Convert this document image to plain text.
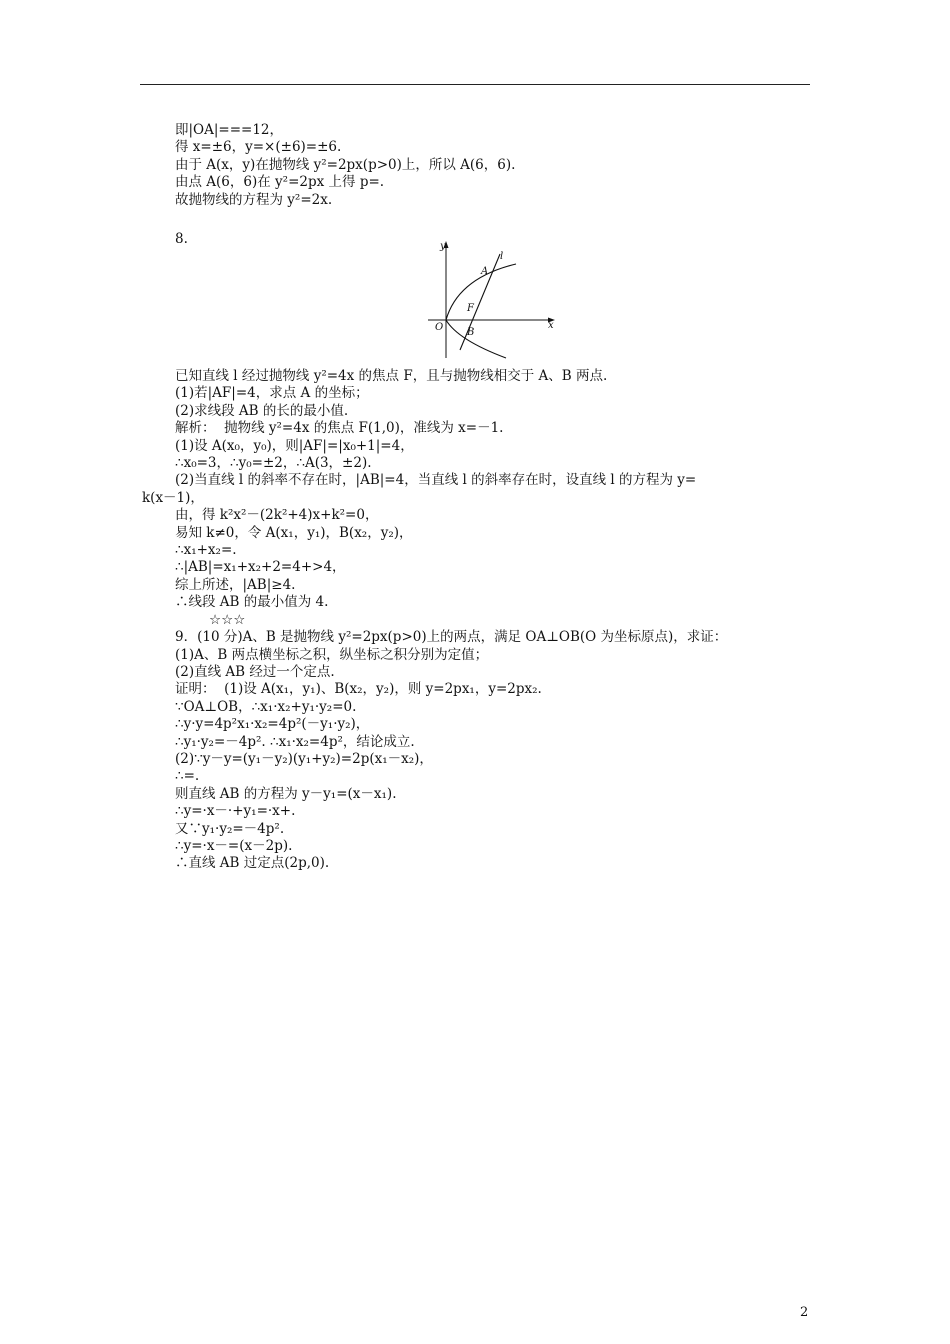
即|OA|===12，
得 x=±6，y=×(±6)=±6.
由于 A(x，y)在抛物线 y²=2px(p>0)上，所以 A(6，6).
由点 A(6，6)在 y²=2px 上得 p=.
故抛物线的方程为 y²=2x.
8.	y
x
O
l
A
F
B
已知直线 l 经过抛物线 y²=4x 的焦点 F，且与抛物线相交于 A、B 两点.
(1)若|AF|=4，求点 A 的坐标；
(2)求线段 AB 的长的最小值.
解析：  抛物线 y²=4x 的焦点 F(1,0)，准线为 x=－1.
(1)设 A(x₀，y₀)，则|AF|=|x₀+1|=4，
∴x₀=3，∴y₀=±2，∴A(3，±2).
(2)当直线 l 的斜率不存在时，|AB|=4，当直线 l 的斜率存在时，设直线 l 的方程为 y=
k(x－1)，
由，得 k²x²－(2k²+4)x+k²=0，
易知 k≠0，令 A(x₁，y₁)，B(x₂，y₂)，
∴x₁+x₂=.
∴|AB|=x₁+x₂+2=4+>4，
综上所述，|AB|≥4.
∴线段 AB 的最小值为 4.
☆☆☆
9．(10 分)A、B 是抛物线 y²=2px(p>0)上的两点，满足 OA⊥OB(O 为坐标原点)，求证：
(1)A、B 两点横坐标之积，纵坐标之积分别为定值；
(2)直线 AB 经过一个定点.
证明：  (1)设 A(x₁，y₁)、B(x₂，y₂)，则 y=2px₁，y=2px₂.
∵OA⊥OB，∴x₁·x₂+y₁·y₂=0.
∴y·y=4p²x₁·x₂=4p²(－y₁·y₂)，
∴y₁·y₂=－4p². ∴x₁·x₂=4p²，结论成立.
(2)∵y－y=(y₁－y₂)(y₁+y₂)=2p(x₁－x₂)，
∴=.
则直线 AB 的方程为 y－y₁=(x－x₁).
∴y=·x－·+y₁=·x+.
又∵y₁·y₂=－4p².
∴y=·x－=(x－2p).
∴直线 AB 过定点(2p,0).
2
